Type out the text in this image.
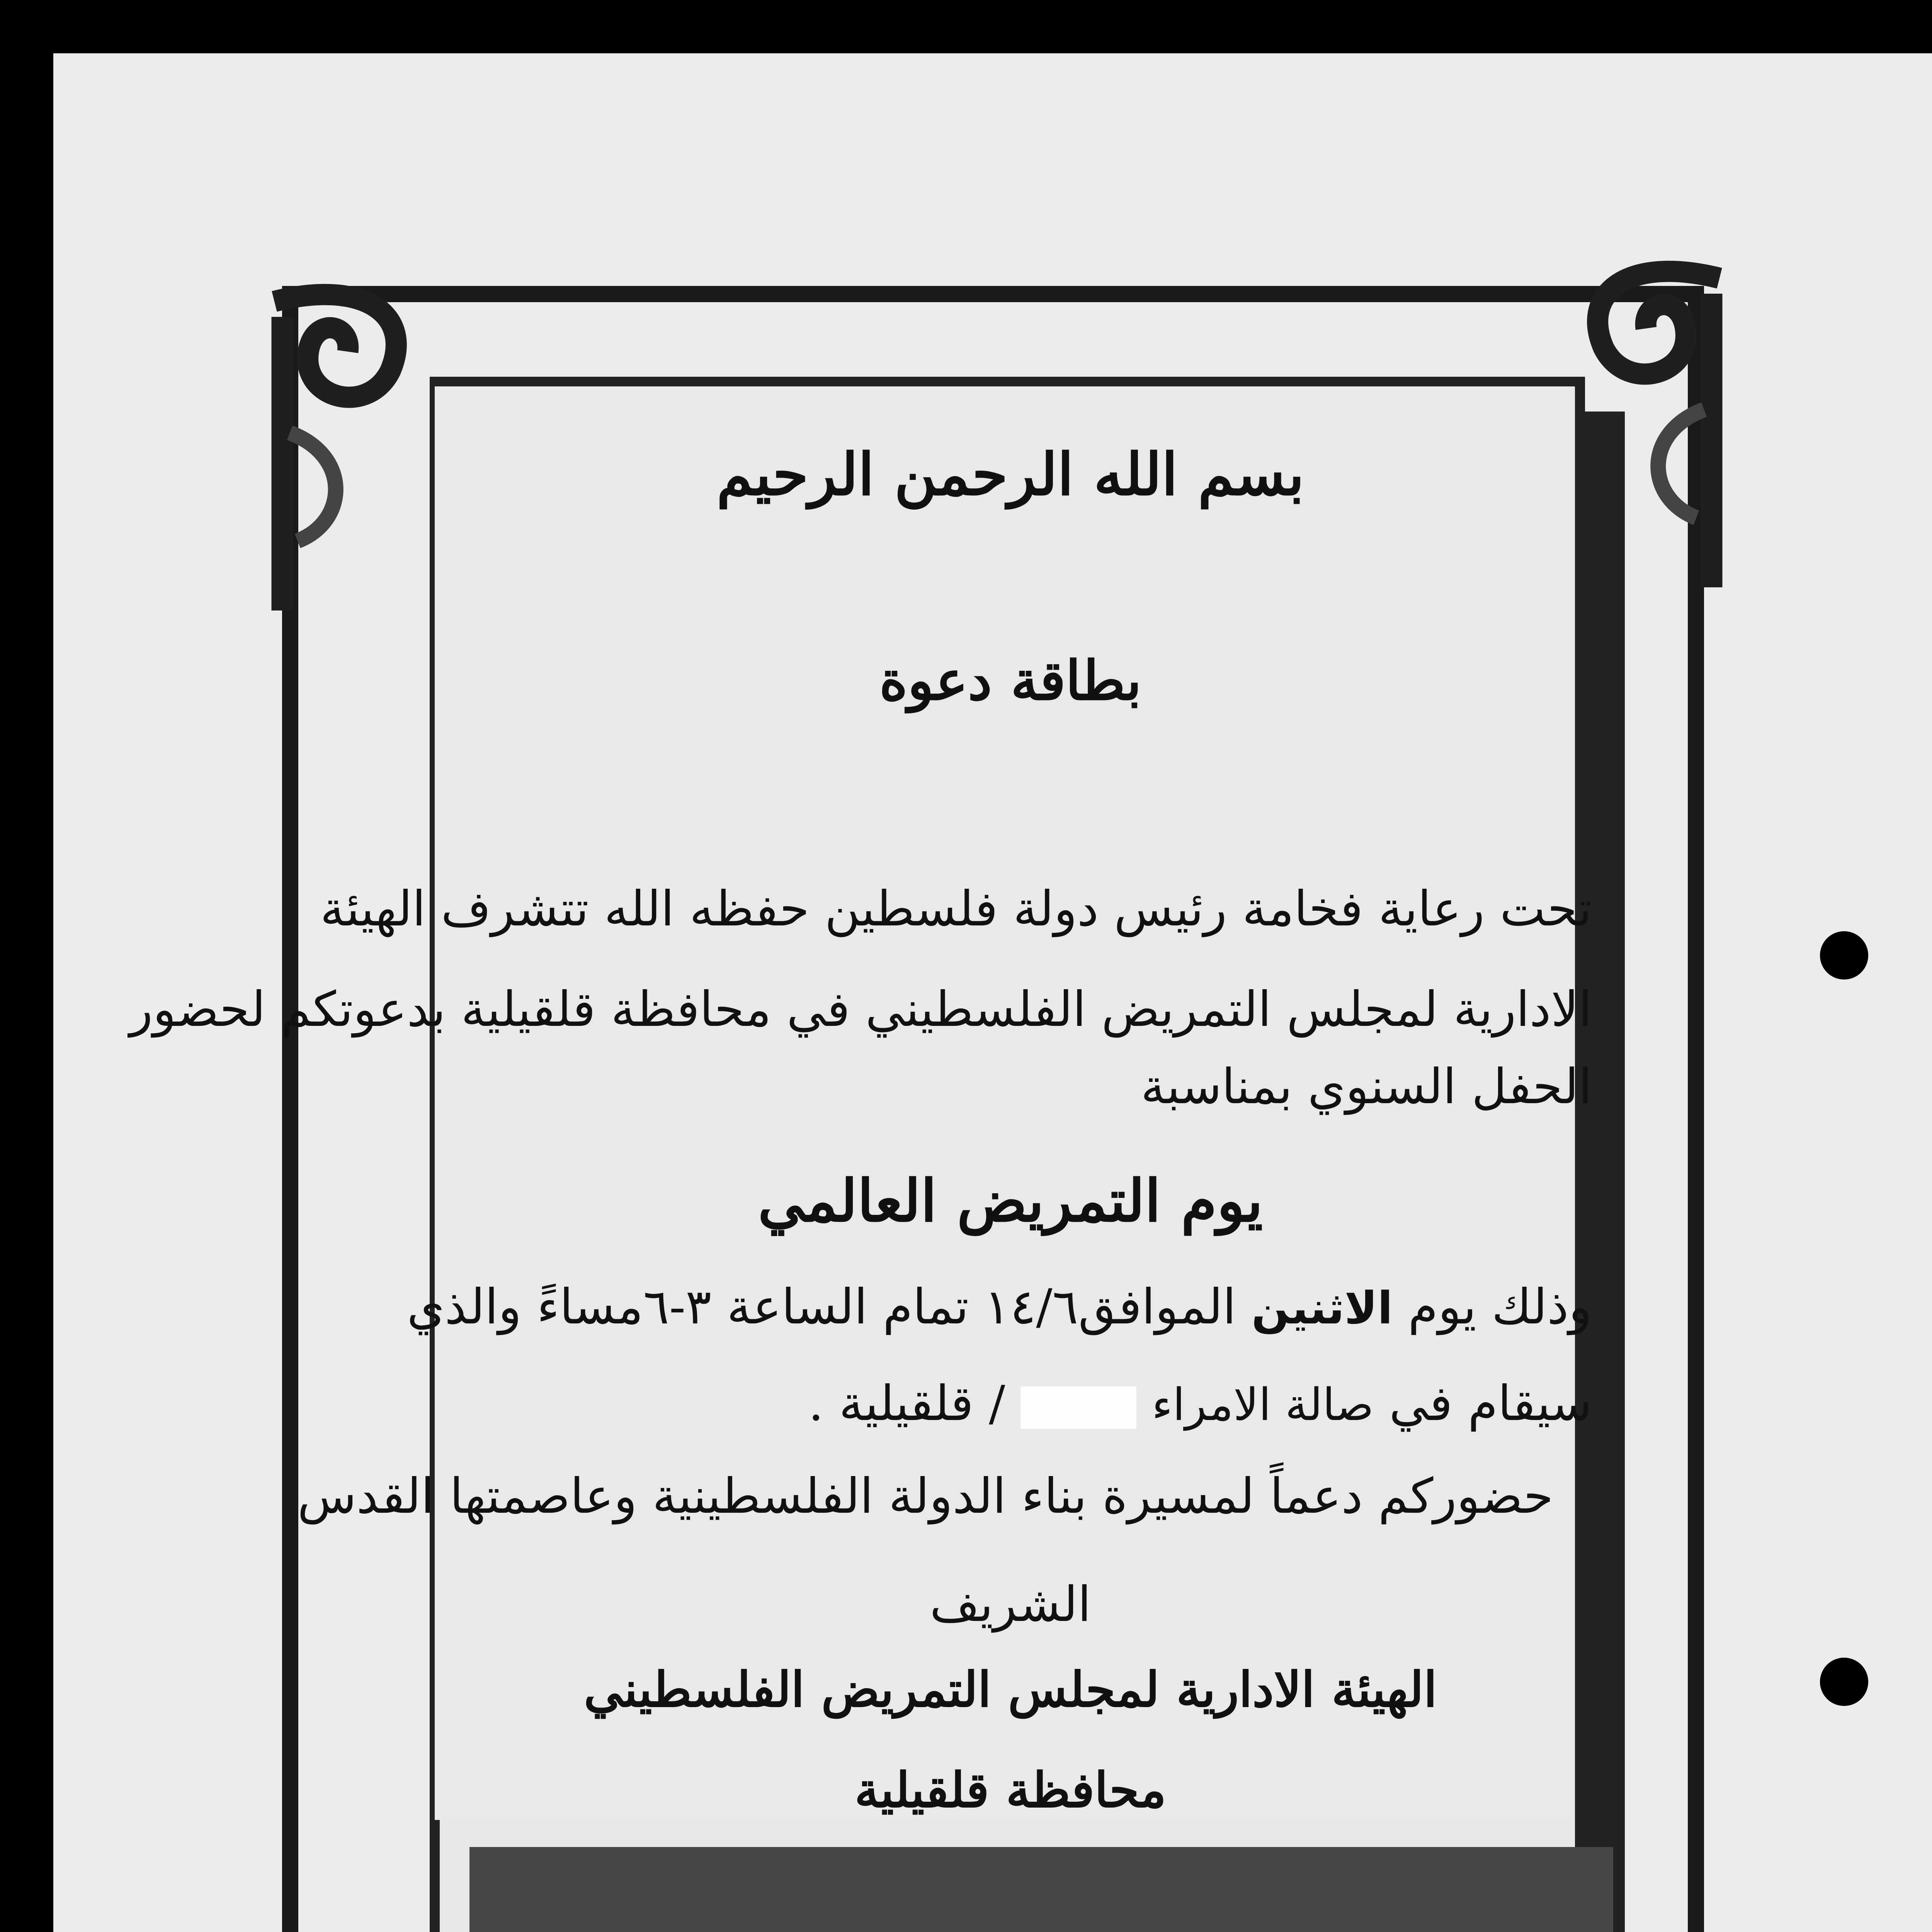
بسم الله الرحمن الرحيم
بطاقة دعوة
تحت رعاية فخامة رئيس دولة فلسطين حفظه الله تتشرف الهيئة
الادارية لمجلس التمريض الفلسطيني في محافظة قلقيلية بدعوتكم لحضور
الحفل السنوي بمناسبة
يوم التمريض العالمي
وذلك يوم الاثنين الموافق١٤/٦ تمام الساعة ٣-٦مساءً والذي
سيقام في صالة الامراء  / قلقيلية .
حضوركم دعماً لمسيرة بناء الدولة الفلسطينية وعاصمتها القدس
الشريف
الهيئة الادارية لمجلس التمريض الفلسطيني
محافظة قلقيلية
